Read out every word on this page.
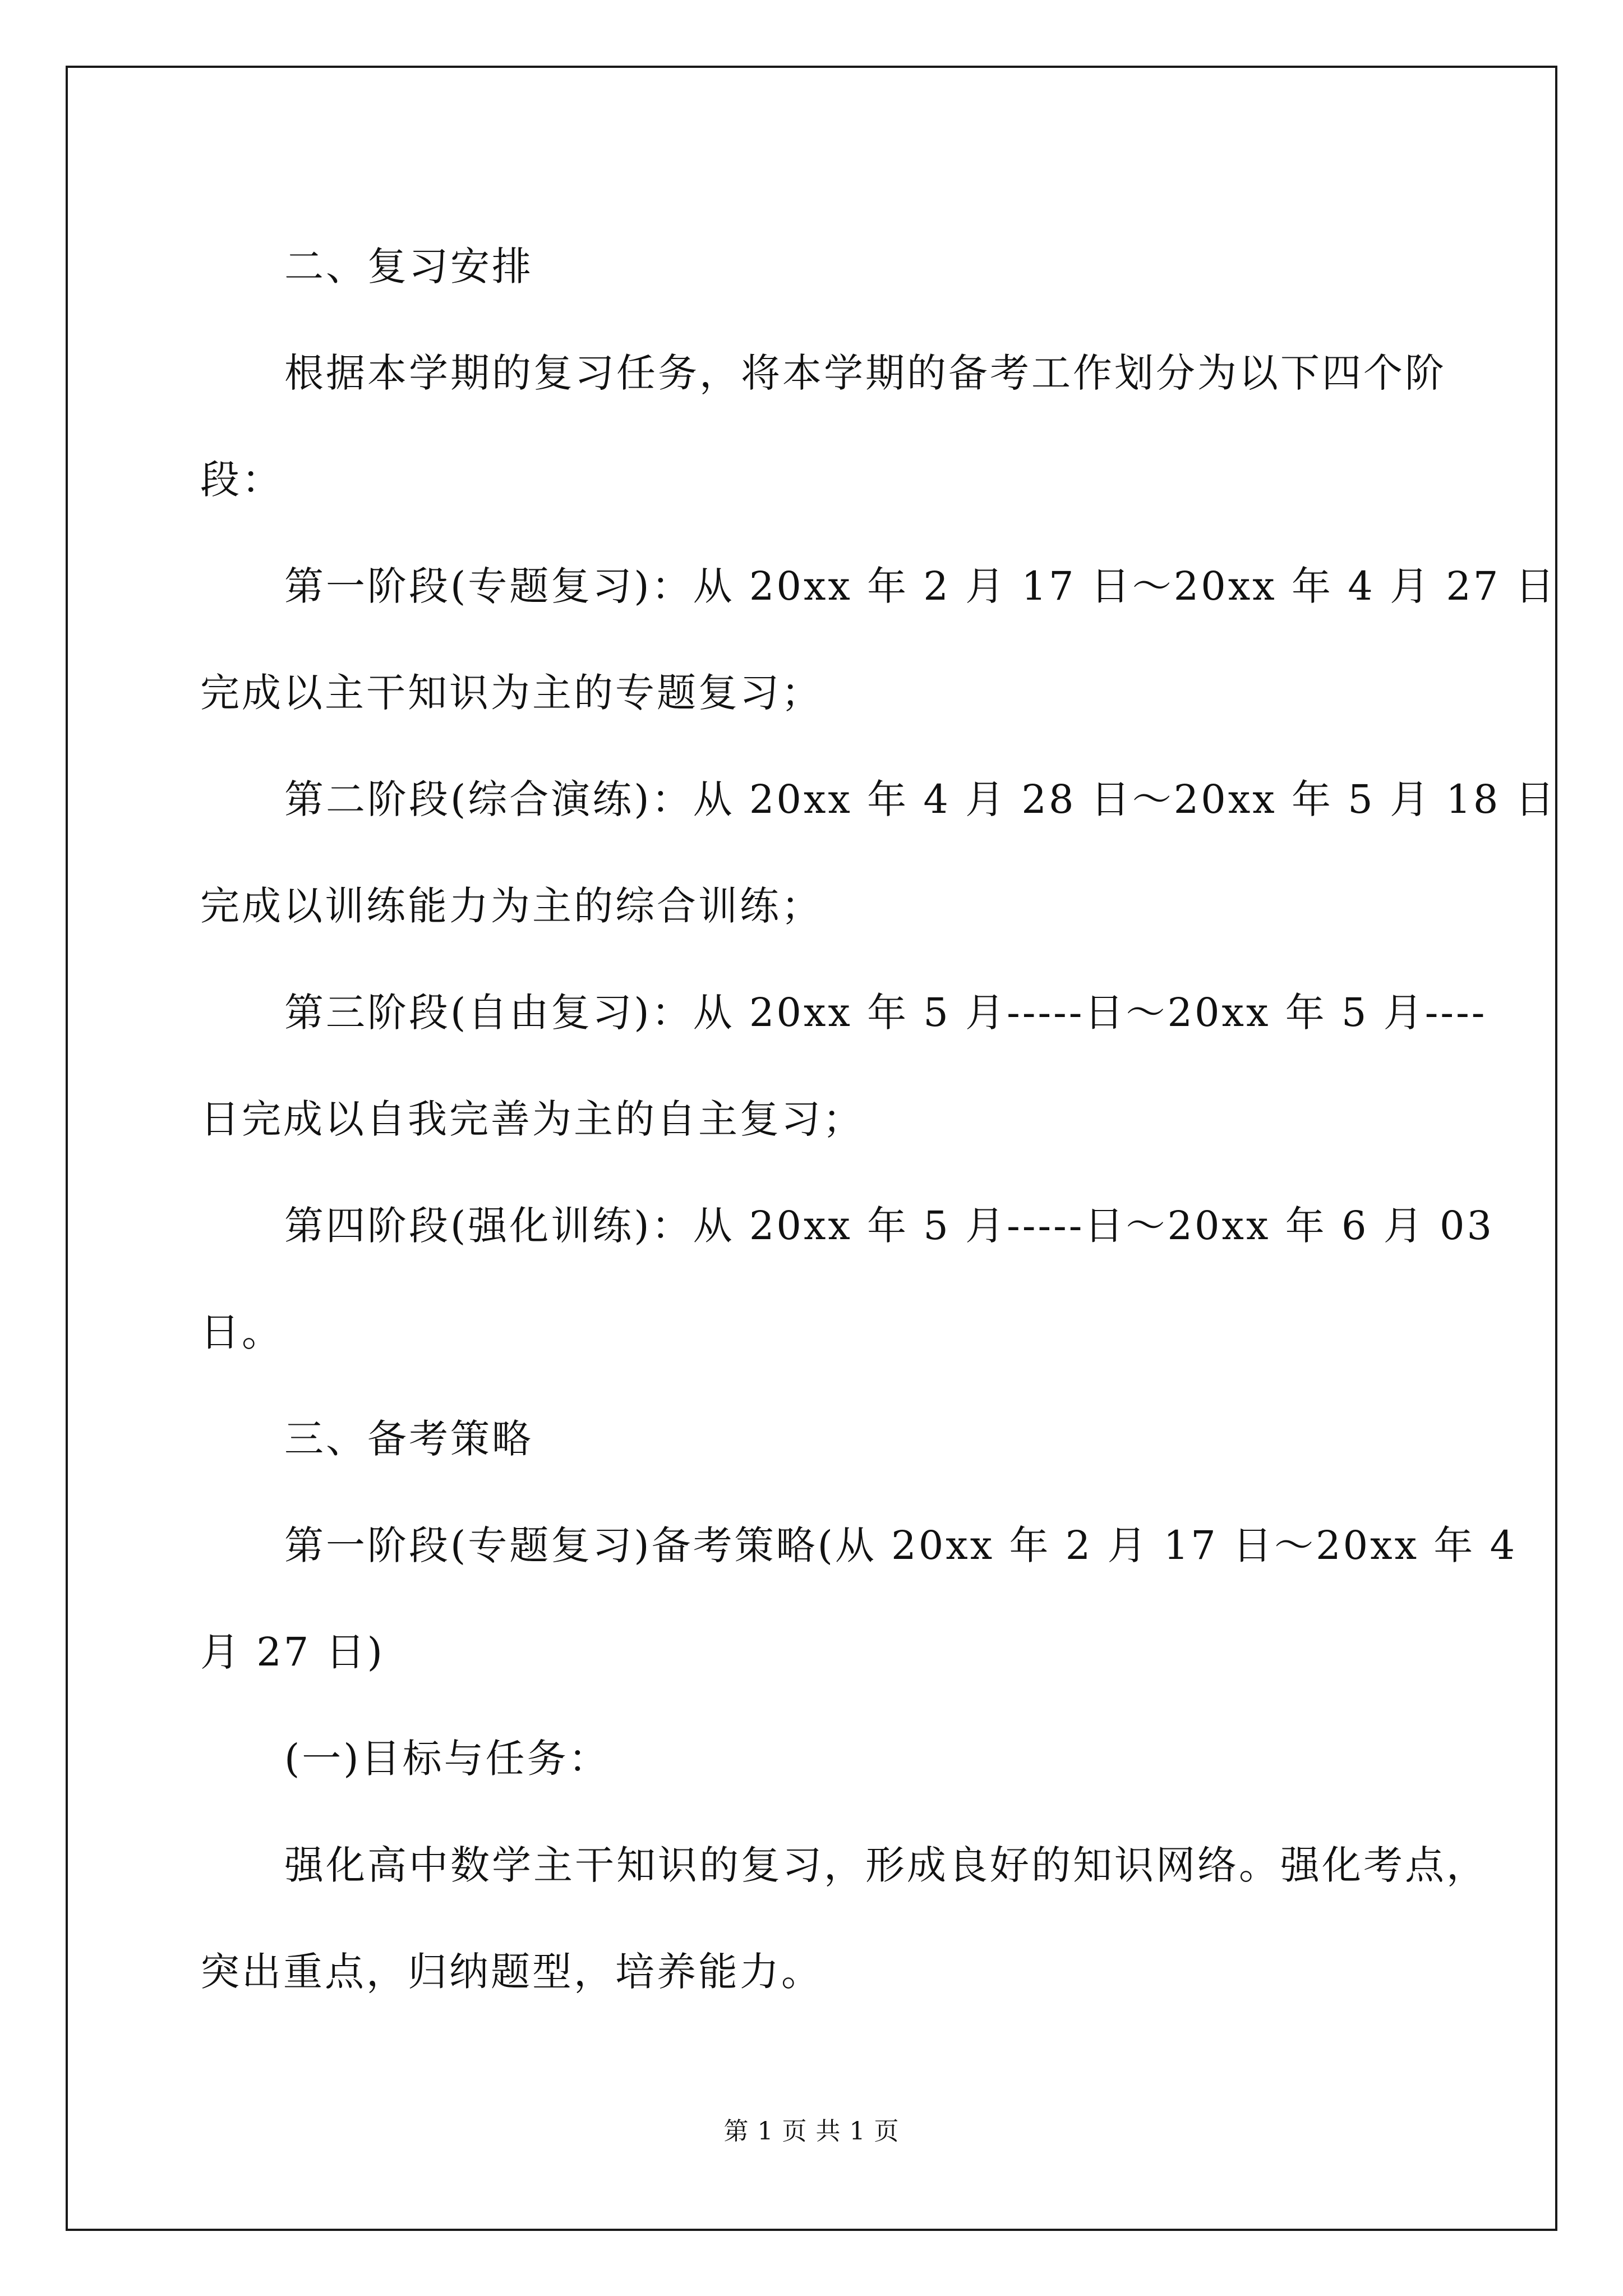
二、复习安排
根据本学期的复习任务，将本学期的备考工作划分为以下四个阶
段：
第一阶段(专题复习)：从 20xx 年 2 月 17 日～20xx 年 4 月 27 日
完成以主干知识为主的专题复习；
第二阶段(综合演练)：从 20xx 年 4 月 28 日～20xx 年 5 月 18 日
完成以训练能力为主的综合训练；
第三阶段(自由复习)：从 20xx 年 5 月-----日～20xx 年 5 月----
日完成以自我完善为主的自主复习；
第四阶段(强化训练)：从 20xx 年 5 月-----日～20xx 年 6 月 03
日。
三、备考策略
第一阶段(专题复习)备考策略(从 20xx 年 2 月 17 日～20xx 年 4
月 27 日)
(一)目标与任务：
强化高中数学主干知识的复习，形成良好的知识网络。强化考点，
突出重点，归纳题型，培养能力。
第 1 页 共 1 页
